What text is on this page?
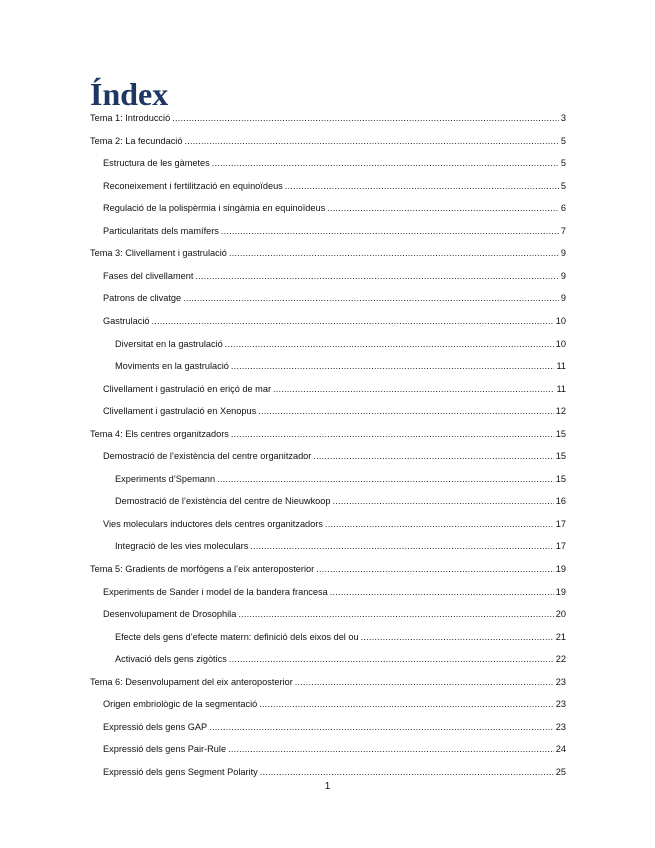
Índex
Tema 1: Introducció .....	3
Tema 2: La fecundació .....	5
Estructura de les gàmetes .....	5
Reconeixement i fertilització en equinoïdeus .....	5
Regulació de la polispèrmia i singàmia en equinoïdeus .....	6
Particularitats dels mamífers .....	7
Tema 3: Clivellament i gastrulació .....	9
Fases del clivellament .....	9
Patrons de clivatge .....	9
Gastrulació .....	10
Diversitat en la gastrulació .....	10
Moviments en la gastrulació .....	11
Clivellament i gastrulació en eriçó de mar .....	11
Clivellament i gastrulació en Xenopus .....	12
Tema 4: Els centres organitzadors .....	15
Demostració de l’existència del centre organitzador .....	15
Experiments d’Spemann .....	15
Demostració de l’existència del centre de Nieuwkoop .....	16
Vies moleculars inductores dels centres organitzadors .....	17
Integració de les vies moleculars .....	17
Tema 5: Gradients de morfògens a l’eix anteroposterior .....	19
Experiments de Sander i model de la bandera francesa .....	19
Desenvolupament de Drosophila .....	20
Efecte dels gens d’efecte matern: definició dels eixos del ou .....	21
Activació dels gens zigòtics .....	22
Tema 6: Desenvolupament del eix anteroposterior .....	23
Origen embriològic de la segmentació .....	23
Expressió dels gens GAP .....	23
Expressió dels gens Pair-Rule .....	24
Expressió dels gens Segment Polarity .....	25
1
